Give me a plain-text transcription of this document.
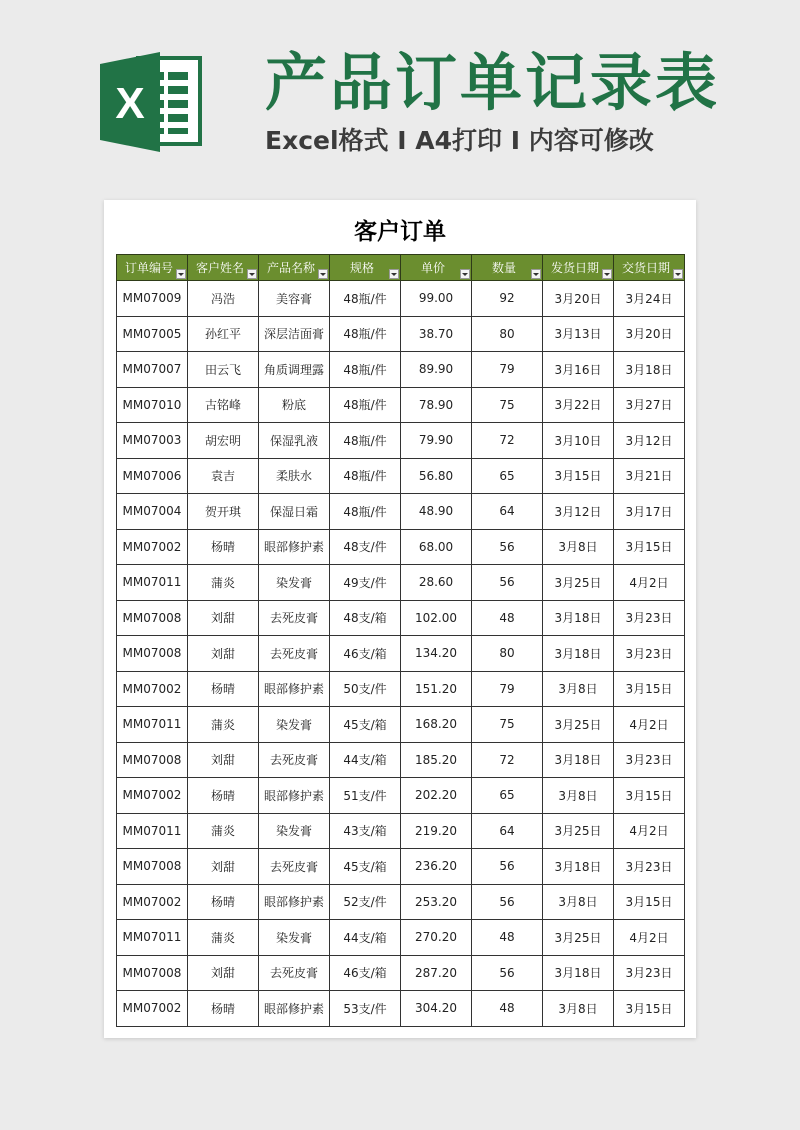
X 产品订单记录表
Excel格式 I A4打印 I 内容可修改
客户订单
订单编号	客户姓名	产品名称	规格	单价	数量	发货日期	交货日期

MM07009	冯浩	美容膏	48瓶/件	99.00	92	3月20日	3月24日
MM07005	孙红平	深层洁面膏	48瓶/件	38.70	80	3月13日	3月20日
MM07007	田云飞	角质调理露	48瓶/件	89.90	79	3月16日	3月18日
MM07010	古铭峰	粉底	48瓶/件	78.90	75	3月22日	3月27日
MM07003	胡宏明	保湿乳液	48瓶/件	79.90	72	3月10日	3月12日
MM07006	袁吉	柔肤水	48瓶/件	56.80	65	3月15日	3月21日
MM07004	贺开琪	保湿日霜	48瓶/件	48.90	64	3月12日	3月17日
MM07002	杨晴	眼部修护素	48支/件	68.00	56	3月8日	3月15日
MM07011	蒲炎	染发膏	49支/件	28.60	56	3月25日	4月2日
MM07008	刘甜	去死皮膏	48支/箱	102.00	48	3月18日	3月23日
MM07008	刘甜	去死皮膏	46支/箱	134.20	80	3月18日	3月23日
MM07002	杨晴	眼部修护素	50支/件	151.20	79	3月8日	3月15日
MM07011	蒲炎	染发膏	45支/箱	168.20	75	3月25日	4月2日
MM07008	刘甜	去死皮膏	44支/箱	185.20	72	3月18日	3月23日
MM07002	杨晴	眼部修护素	51支/件	202.20	65	3月8日	3月15日
MM07011	蒲炎	染发膏	43支/箱	219.20	64	3月25日	4月2日
MM07008	刘甜	去死皮膏	45支/箱	236.20	56	3月18日	3月23日
MM07002	杨晴	眼部修护素	52支/件	253.20	56	3月8日	3月15日
MM07011	蒲炎	染发膏	44支/箱	270.20	48	3月25日	4月2日
MM07008	刘甜	去死皮膏	46支/箱	287.20	56	3月18日	3月23日
MM07002	杨晴	眼部修护素	53支/件	304.20	48	3月8日	3月15日
